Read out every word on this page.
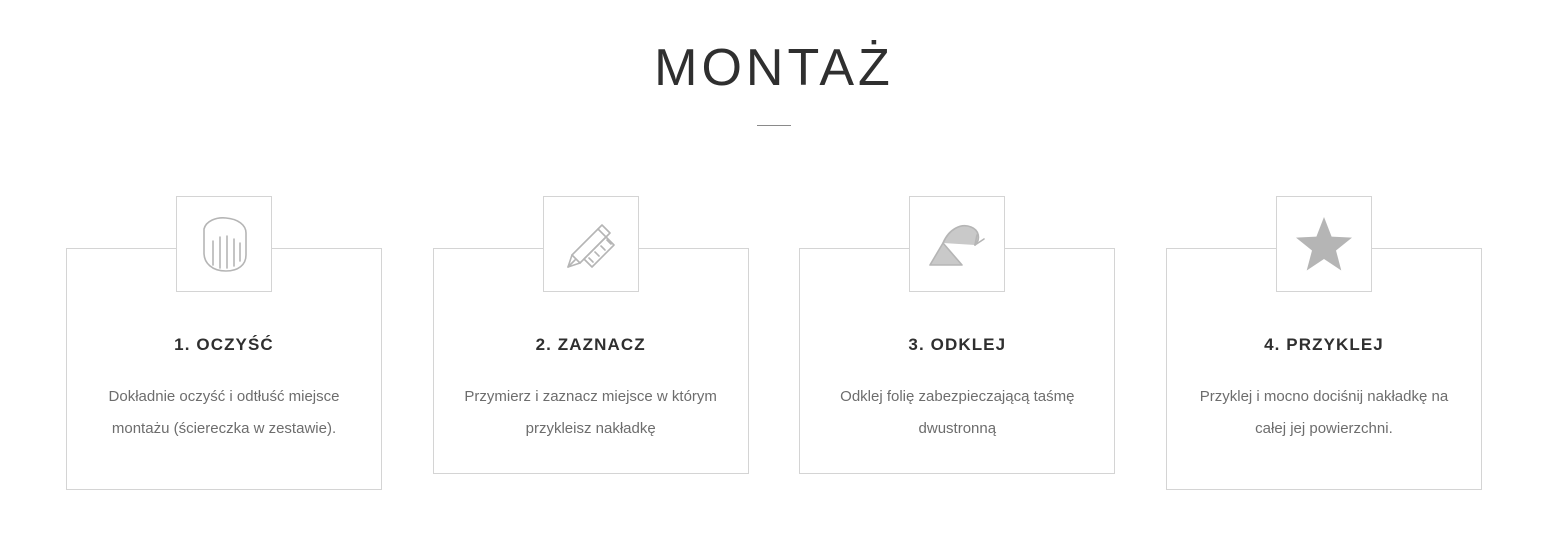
MONTAŻ
1. OCZYŚĆ

Dokładnie oczyść i odtłuść miejsce montażu (ściereczka w zestawie).

2. ZAZNACZ

Przymierz i zaznacz miejsce w którym przykleisz nakładkę

3. ODKLEJ

Odklej folię zabezpieczającą taśmę dwustronną

4. PRZYKLEJ

Przyklej i mocno dociśnij nakładkę na całej jej powierzchni.
